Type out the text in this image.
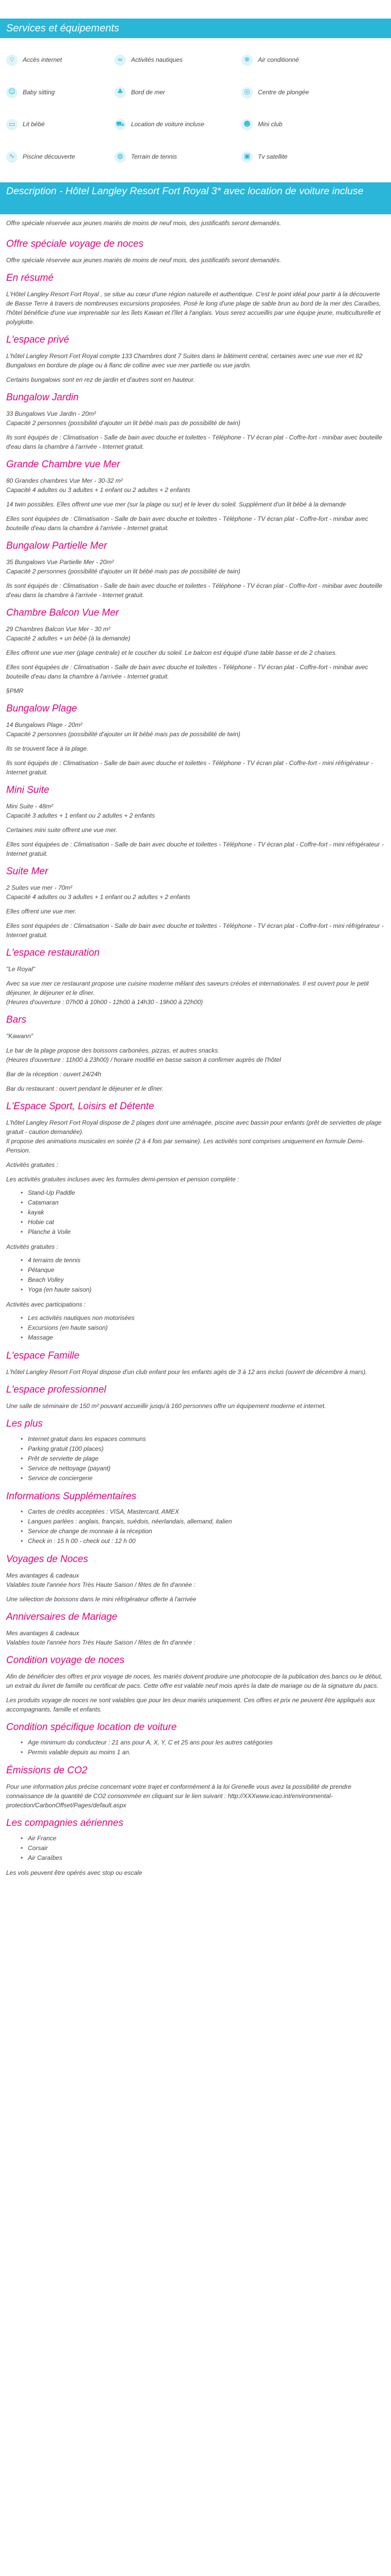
Services et équipements
⌔	Accès internet	≈	Activités nautiques	❄	Air conditionné
☺	Baby sitting	♣	Bord de mer	◎	Centre de plongée
▭	Lit bébé	⛟ Location de voiture incluse	☻	Mini club
∿	Piscine découverte	◍	Terrain de tennis	▣	Tv satellite
Description - Hôtel Langley Resort Fort Royal 3* avec location de voiture incluse

Offre spéciale réservée aux jeunes mariés de moins de neuf mois, des justificatifs seront demandés.

Offre spéciale voyage de noces

Offre spéciale réservée aux jeunes mariés de moins de neuf mois, des justificatifs seront demandés.

En résumé

L'Hôtel Langley Resort Fort Royal , se situe au cœur d'une région naturelle et authentique. C'est le point idéal pour partir à la découverte de Basse Terre à travers de nombreuses excursions proposées. Posé le long d'une plage de sable brun au bord de la mer des Caraïbes, l'hôtel bénéficie d'une vue imprenable sur les îlets Kawan et l'îlet à l'anglais. Vous serez accueillis par une équipe jeune, multiculturelle et polyglotte.

L'espace privé

L'hôtel Langley Resort Fort Royal compte 133 Chambres dont 7 Suites dans le bâtiment central, certaines avec une vue mer et 82 Bungalows en bordure de plage ou à flanc de colline avec vue mer partielle ou vue jardin.

Certains bungalows sont en rez de jardin et d'autres sont en hauteur.

Bungalow Jardin

33 Bungalows Vue Jardin - 20m²
Capacité 2 personnes (possibilité d'ajouter un lit bébé mais pas de possibilité de twin)

Ils sont équipés de : Climatisation - Salle de bain avec douche et toilettes - Téléphone - TV écran plat - Coffre-fort - minibar avec bouteille d'eau dans la chambre à l'arrivée - Internet gratuit.

Grande Chambre vue Mer

80 Grandes chambres Vue Mer - 30-32 m²
Capacité 4 adultes ou 3 adultes + 1 enfant ou 2 adultes + 2 enfants

14 twin possibles. Elles offrent une vue mer (sur la plage ou sur) et le lever du soleil. Supplément d'un lit bébé à la demande

Elles sont équipées de : Climatisation - Salle de bain avec douche et toilettes - Téléphone - TV écran plat - Coffre-fort - minibar avec bouteille d'eau dans la chambre à l'arrivée - Internet gratuit.

Bungalow Partielle Mer

35 Bungalows Vue Partielle Mer - 20m²
Capacité 2 personnes (possibilité d'ajouter un lit bébé mais pas de possibilité de twin)

Ils sont équipés de : Climatisation - Salle de bain avec douche et toilettes - Téléphone - TV écran plat - Coffre-fort - minibar avec bouteille d'eau dans la chambre à l'arrivée - Internet gratuit.

Chambre Balcon Vue Mer

29 Chambres Balcon Vue Mer - 30 m²
Capacité 2 adultes + un bébé (à la demande)

Elles offrent une vue mer (plage centrale) et le coucher du soleil. Le balcon est équipé d'une table basse et de 2 chaises.

Elles sont équipées de : Climatisation - Salle de bain avec douche et toilettes - Téléphone - TV écran plat - Coffre-fort - minibar avec bouteille d'eau dans la chambre à l'arrivée - Internet gratuit.

§PMR

Bungalow Plage

14 Bungalows Plage - 20m²
Capacité 2 personnes (possibilité d'ajouter un lit bébé mais pas de possibilité de twin)

Ils se trouvent face à la plage.

Ils sont équipés de : Climatisation - Salle de bain avec douche et toilettes - Téléphone - TV écran plat - Coffre-fort - mini réfrigérateur - Internet gratuit.

Mini Suite

Mini Suite - 48m²
Capacité 3 adultes + 1 enfant ou 2 adultes + 2 enfants

Certaines mini suite offrent une vue mer.

Elles sont équipées de : Climatisation - Salle de bain avec douche et toilettes - Téléphone - TV écran plat - Coffre-fort - mini réfrigérateur - Internet gratuit.

Suite Mer

2 Suites vue mer - 70m²
Capacité 4 adultes ou 3 adultes + 1 enfant ou 2 adultes + 2 enfants

Elles offrent une vue mer.

Elles sont équipées de : Climatisation - Salle de bain avec douche et toilettes - Téléphone - TV écran plat - Coffre-fort - mini réfrigérateur - Internet gratuit.

L'espace restauration

"Le Royal"

Avec sa vue mer ce restaurant propose une cuisine moderne mêlant des saveurs créoles et internationales. Il est ouvert pour le petit déjeuner, le déjeuner et le dîner.
(Heures d'ouverture : 07h00 à 10h00 - 12h00 à 14h30 - 19h00 à 22h00)

Bars

"Kawann"

Le bar de la plage propose des boissons carbonées, pizzas, et autres snacks.
(Heures d'ouverture : 11h00 à 23h00) / horaire modifié en basse saison à confirmer auprès de l'hôtel

Bar de la réception : ouvert 24/24h

Bar du restaurant : ouvert pendant le déjeuner et le dîner.

L'Espace Sport, Loisirs et Détente

L'hôtel Langley Resort Fort Royal dispose de 2 plages dont une aménagée, piscine avec bassin pour enfants (prêt de serviettes de plage gratuit - caution demandée).
Il propose des animations musicales en soirée (2 à 4 fois par semaine). Les activités sont comprises uniquement en formule Demi-Pension.

Activités gratuites :

Les activités gratuites incluses avec les formules demi-pension et pension complète :

• Stand-Up Paddle
• Catamaran
• kayak
• Hobie cat
• Planche à Voile

Activités gratuites :

• 4 terrains de tennis
• Pétanque
• Beach Volley
• Yoga (en haute saison)

Activités avec participations :

• Les activités nautiques non motorisées
• Excursions (en haute saison)
• Massage
L'espace Famille

L'hôtel Langley Resort Fort Royal dispose d'un club enfant pour les enfants agés de 3 à 12 ans inclus (ouvert de décembre à mars).

L'espace professionnel

Une salle de séminaire de 150 m² pouvant accueillir jusqu'à 160 personnes offre un équipement moderne et internet.

Les plus
• Internet gratuit dans les espaces communs
• Parking gratuit (100 places)
• Prêt de serviette de plage
• Service de nettoyage (payant)
• Service de conciergerie
Informations Supplémentaires
• Cartes de crédits acceptées : VISA, Mastercard, AMEX
• Langues parlées : anglais, français, suédois, néerlandais, allemand, italien
• Service de change de monnaie à la réception
• Check in : 15 h 00 - check out : 12 h 00
Voyages de Noces

Mes avantages & cadeaux
Valables toute l'année hors Très Haute Saison / fêtes de fin d'année :

Une sélection de boissons dans le mini réfrigérateur offerte à l'arrivée

Anniversaires de Mariage

Mes avantages & cadeaux
Valables toute l'année hors Très Haute Saison / fêtes de fin d'année :

Condition voyage de noces

Afin de bénéficier des offres et prix voyage de noces, les mariés doivent produire une photocopie de la publication des bancs ou le début, un extrait du livret de famille ou certificat de pacs. Cette offre est valable neuf mois après la date de mariage ou de la signature du pacs.

Les produits voyage de noces ne sont valables que pour les deux mariés uniquement. Ces offres et prix ne peuvent être appliqués aux accompagnants, famille et enfants.

Condition spécifique location de voiture
• Age minimum du conducteur : 21 ans pour A, X, Y, C et 25 ans pour les autres catégories
• Permis valable depuis au moins 1 an.
Émissions de CO2

Pour une information plus précise concernant votre trajet et conformément à la loi Grenelle vous avez la possibilité de prendre connaissance de la quantité de CO2 consommée en cliquant sur le lien suivant : http://XXXwww.icao.int/environmental-protection/CarbonOffset/Pages/default.aspx

Les compagnies aériennes
• Air France
• Corsair
• Air Caraïbes

Les vols peuvent être opérés avec stop ou escale
